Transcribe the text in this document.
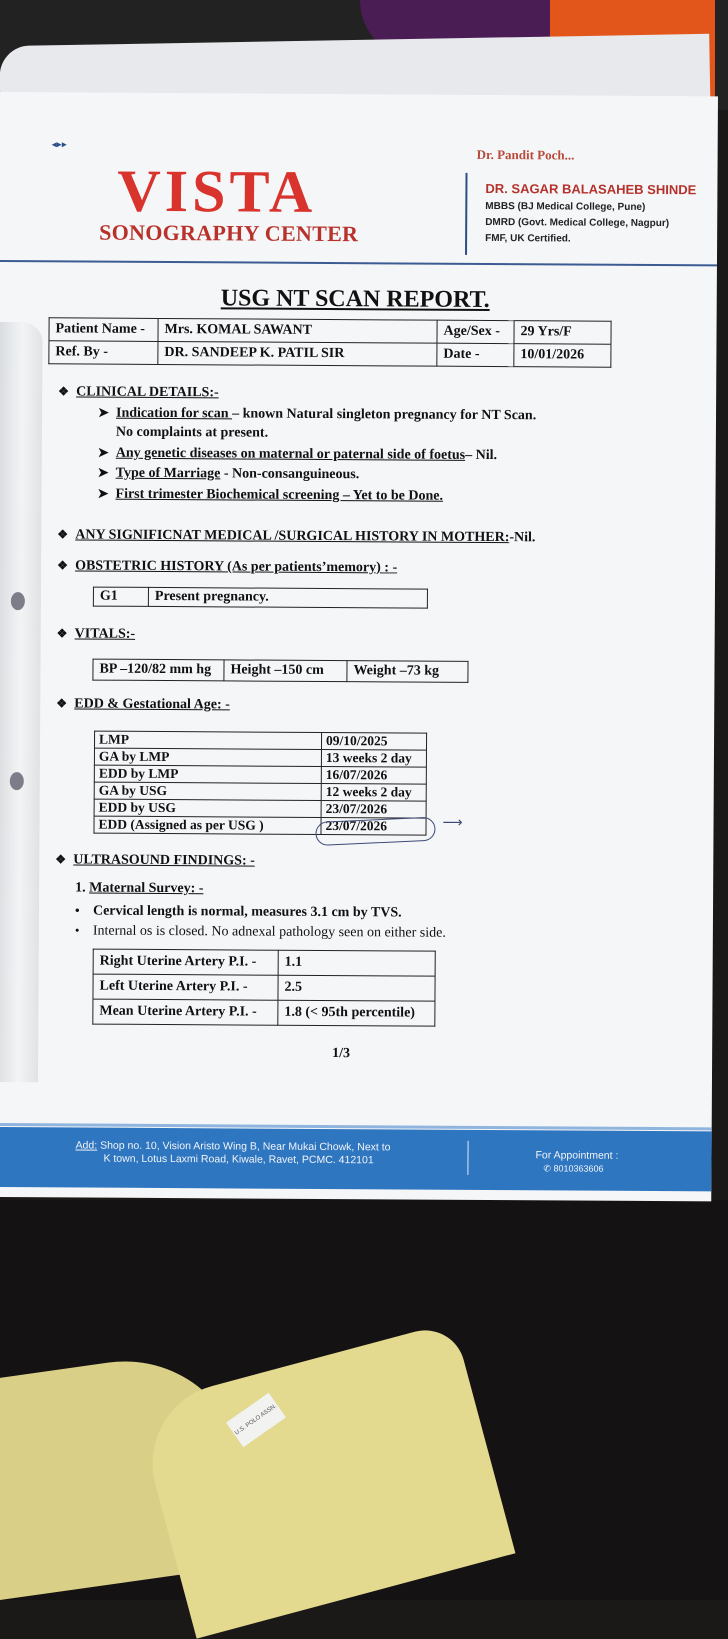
U.S. POLO ASSN.
◂▸▸
Dr. Pandit Poch...
VISTA
SONOGRAPHY CENTER
DR. SAGAR BALASAHEB SHINDE
MBBS (BJ Medical College, Pune)
DMRD (Govt. Medical College, Nagpur)
FMF, UK Certified.
USG NT SCAN REPORT.
Patient Name -	Mrs. KOMAL SAWANT	Age/Sex -	29 Yrs/F
Ref. By -	DR. SANDEEP K. PATIL SIR	Date -	10/01/2026
❖ CLINICAL DETAILS:-
➤ Indication for scan – known Natural singleton pregnancy for NT Scan.
No complaints at present.
➤ Any genetic diseases on maternal or paternal side of foetus– Nil.
➤ Type of Marriage - Non-consanguineous.
➤ First trimester Biochemical screening – Yet to be Done.
❖ ANY SIGNIFICNAT MEDICAL /SURGICAL HISTORY IN MOTHER:-Nil.
❖ OBSTETRIC HISTORY (As per patients’memory) : -
G1	Present pregnancy.
❖ VITALS:-
BP –120/82 mm hg	Height –150 cm	Weight –73 kg
❖ EDD & Gestational Age: -
LMP	09/10/2025
GA by LMP	13 weeks 2 day
EDD by LMP	16/07/2026
GA by USG	12 weeks 2 day
EDD by USG	23/07/2026
EDD (Assigned as per USG )	23/07/2026	⟶
❖ ULTRASOUND FINDINGS: -
1. Maternal Survey: -
• Cervical length is normal, measures 3.1 cm by TVS.
• Internal os is closed. No adnexal pathology seen on either side.
Right Uterine Artery P.I. -	1.1
Left Uterine Artery P.I. -	2.5
Mean Uterine Artery P.I. -	1.8 (< 95th percentile)
1/3
Add: Shop no. 10, Vision Aristo Wing B, Near Mukai Chowk, Next to
K town, Lotus Laxmi Road, Kiwale, Ravet, PCMC. 412101	For Appointment :
✆ 8010363606
